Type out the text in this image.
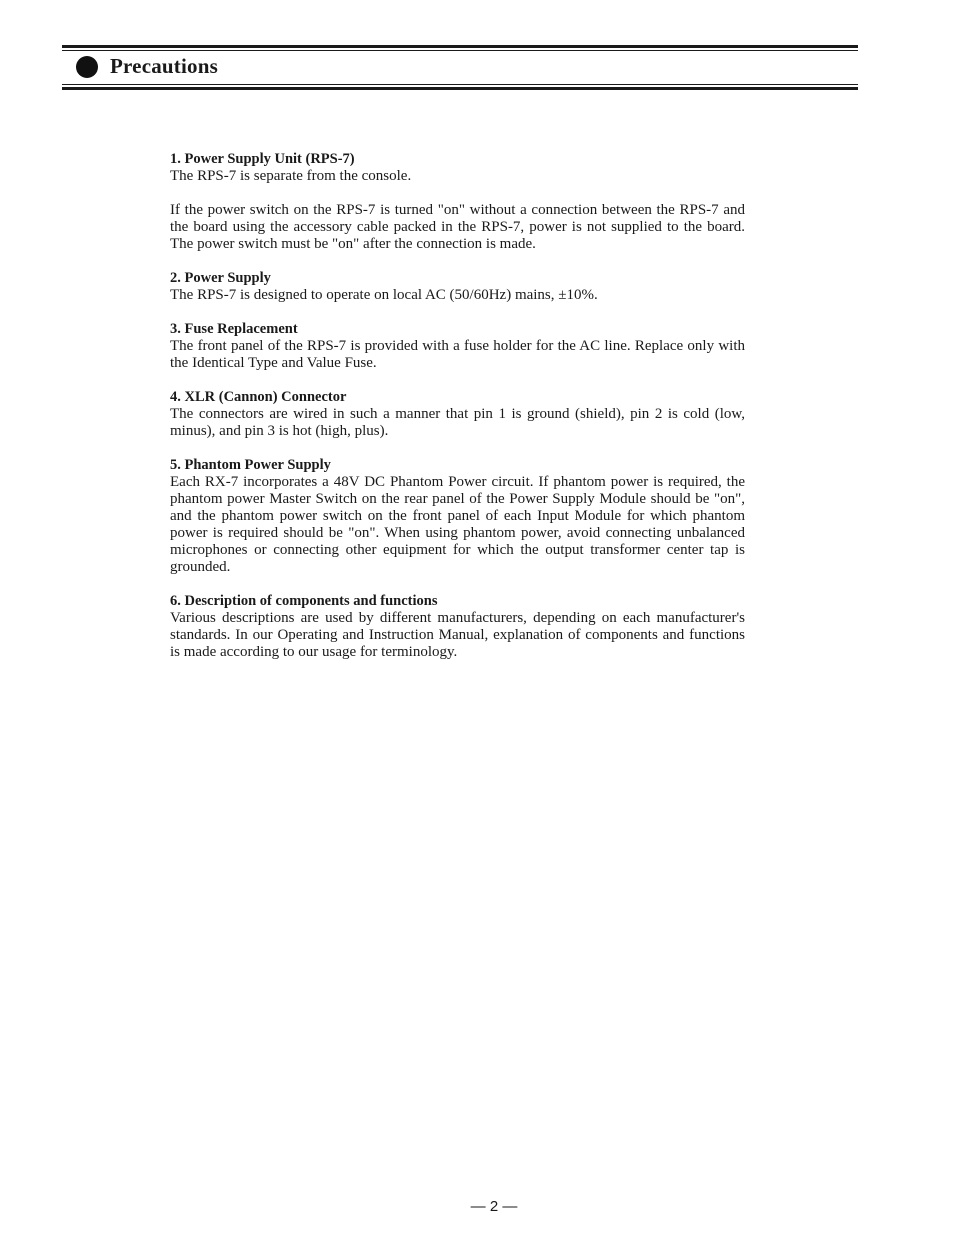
Precautions
1. Power Supply Unit (RPS-7)

The RPS-7 is separate from the console.

If the power switch on the RPS-7 is turned "on" without a connection between the RPS-7 and the board using the accessory cable packed in the RPS-7, power is not supplied to the board. The power switch must be "on" after the connection is made.

2. Power Supply

The RPS-7 is designed to operate on local AC (50/60Hz) mains, ±10%.

3. Fuse Replacement

The front panel of the RPS-7 is provided with a fuse holder for the AC line. Replace only with the Identical Type and Value Fuse.

4. XLR (Cannon) Connector

The connectors are wired in such a manner that pin 1 is ground (shield), pin 2 is cold (low, minus), and pin 3 is hot (high, plus).

5. Phantom Power Supply

Each RX-7 incorporates a 48V DC Phantom Power circuit. If phantom power is required, the phantom power Master Switch on the rear panel of the Power Supply Module should be "on", and the phantom power switch on the front panel of each Input Module for which phantom power is required should be "on". When using phantom power, avoid connecting unbalanced microphones or connecting other equipment for which the output transformer center tap is grounded.

6. Description of components and functions

Various descriptions are used by different manufacturers, depending on each manufacturer's standards. In our Operating and Instruction Manual, explanation of components and functions is made according to our usage for terminology.

— 2 —
